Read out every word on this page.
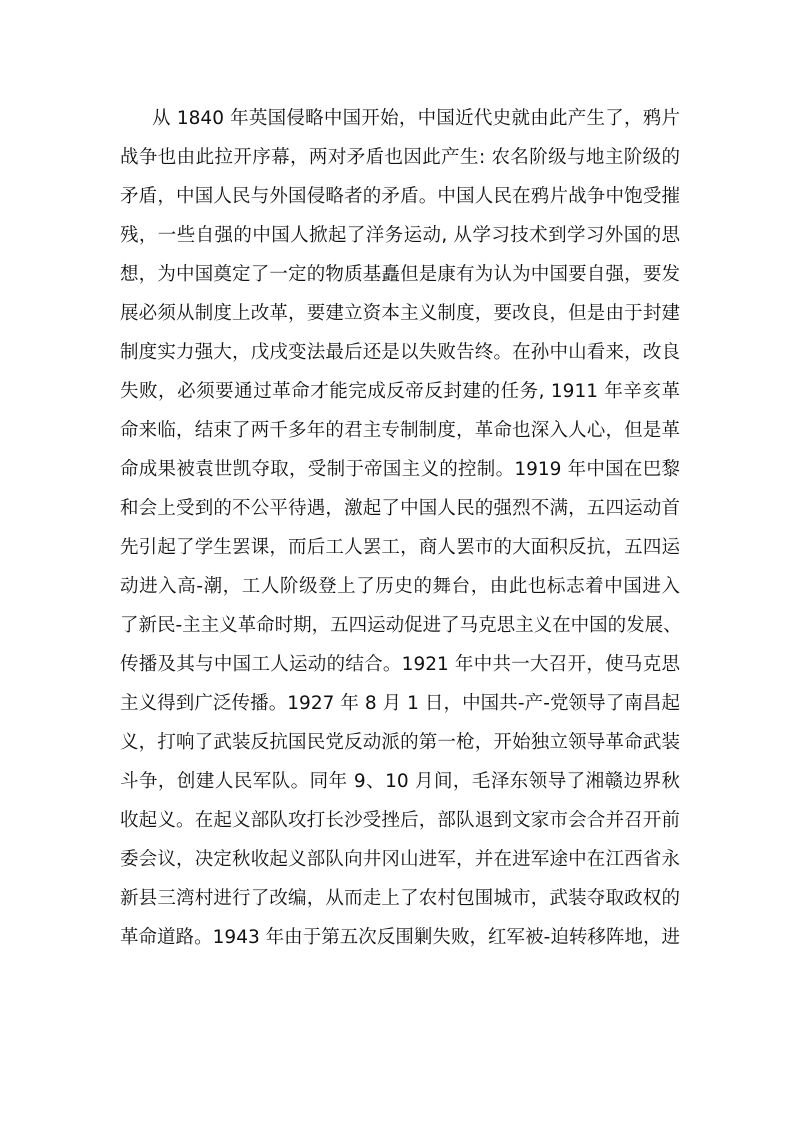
从 1840 年英国侵略中国开始，中国近代史就由此产生了，鸦片
战争也由此拉开序幕，两对矛盾也因此产生: 农名阶级与地主阶级的
矛盾，中国人民与外国侵略者的矛盾。中国人民在鸦片战争中饱受摧
残，一些自强的中国人掀起了洋务运动, 从学习技术到学习外国的思
想，为中国奠定了一定的物质基矗但是康有为认为中国要自强，要发
展必须从制度上改革，要建立资本主义制度，要改良，但是由于封建
制度实力强大，戊戌变法最后还是以失败告终。在孙中山看来，改良
失败，必须要通过革命才能完成反帝反封建的任务, 1911 年辛亥革
命来临，结束了两千多年的君主专制制度，革命也深入人心，但是革
命成果被袁世凯夺取，受制于帝国主义的控制。1919 年中国在巴黎
和会上受到的不公平待遇，激起了中国人民的强烈不满，五四运动首
先引起了学生罢课，而后工人罢工，商人罢市的大面积反抗，五四运
动进入高-潮，工人阶级登上了历史的舞台，由此也标志着中国进入
了新民-主主义革命时期，五四运动促进了马克思主义在中国的发展、
传播及其与中国工人运动的结合。1921 年中共一大召开，使马克思
主义得到广泛传播。1927 年 8 月 1 日，中国共-产-党领导了南昌起
义，打响了武装反抗国民党反动派的第一枪，开始独立领导革命武装
斗争，创建人民军队。同年 9、10 月间，毛泽东领导了湘赣边界秋
收起义。在起义部队攻打长沙受挫后，部队退到文家市会合并召开前
委会议，决定秋收起义部队向井冈山进军，并在进军途中在江西省永
新县三湾村进行了改编，从而走上了农村包围城市，武装夺取政权的
革命道路。1943 年由于第五次反围剿失败，红军被-迫转移阵地，进
